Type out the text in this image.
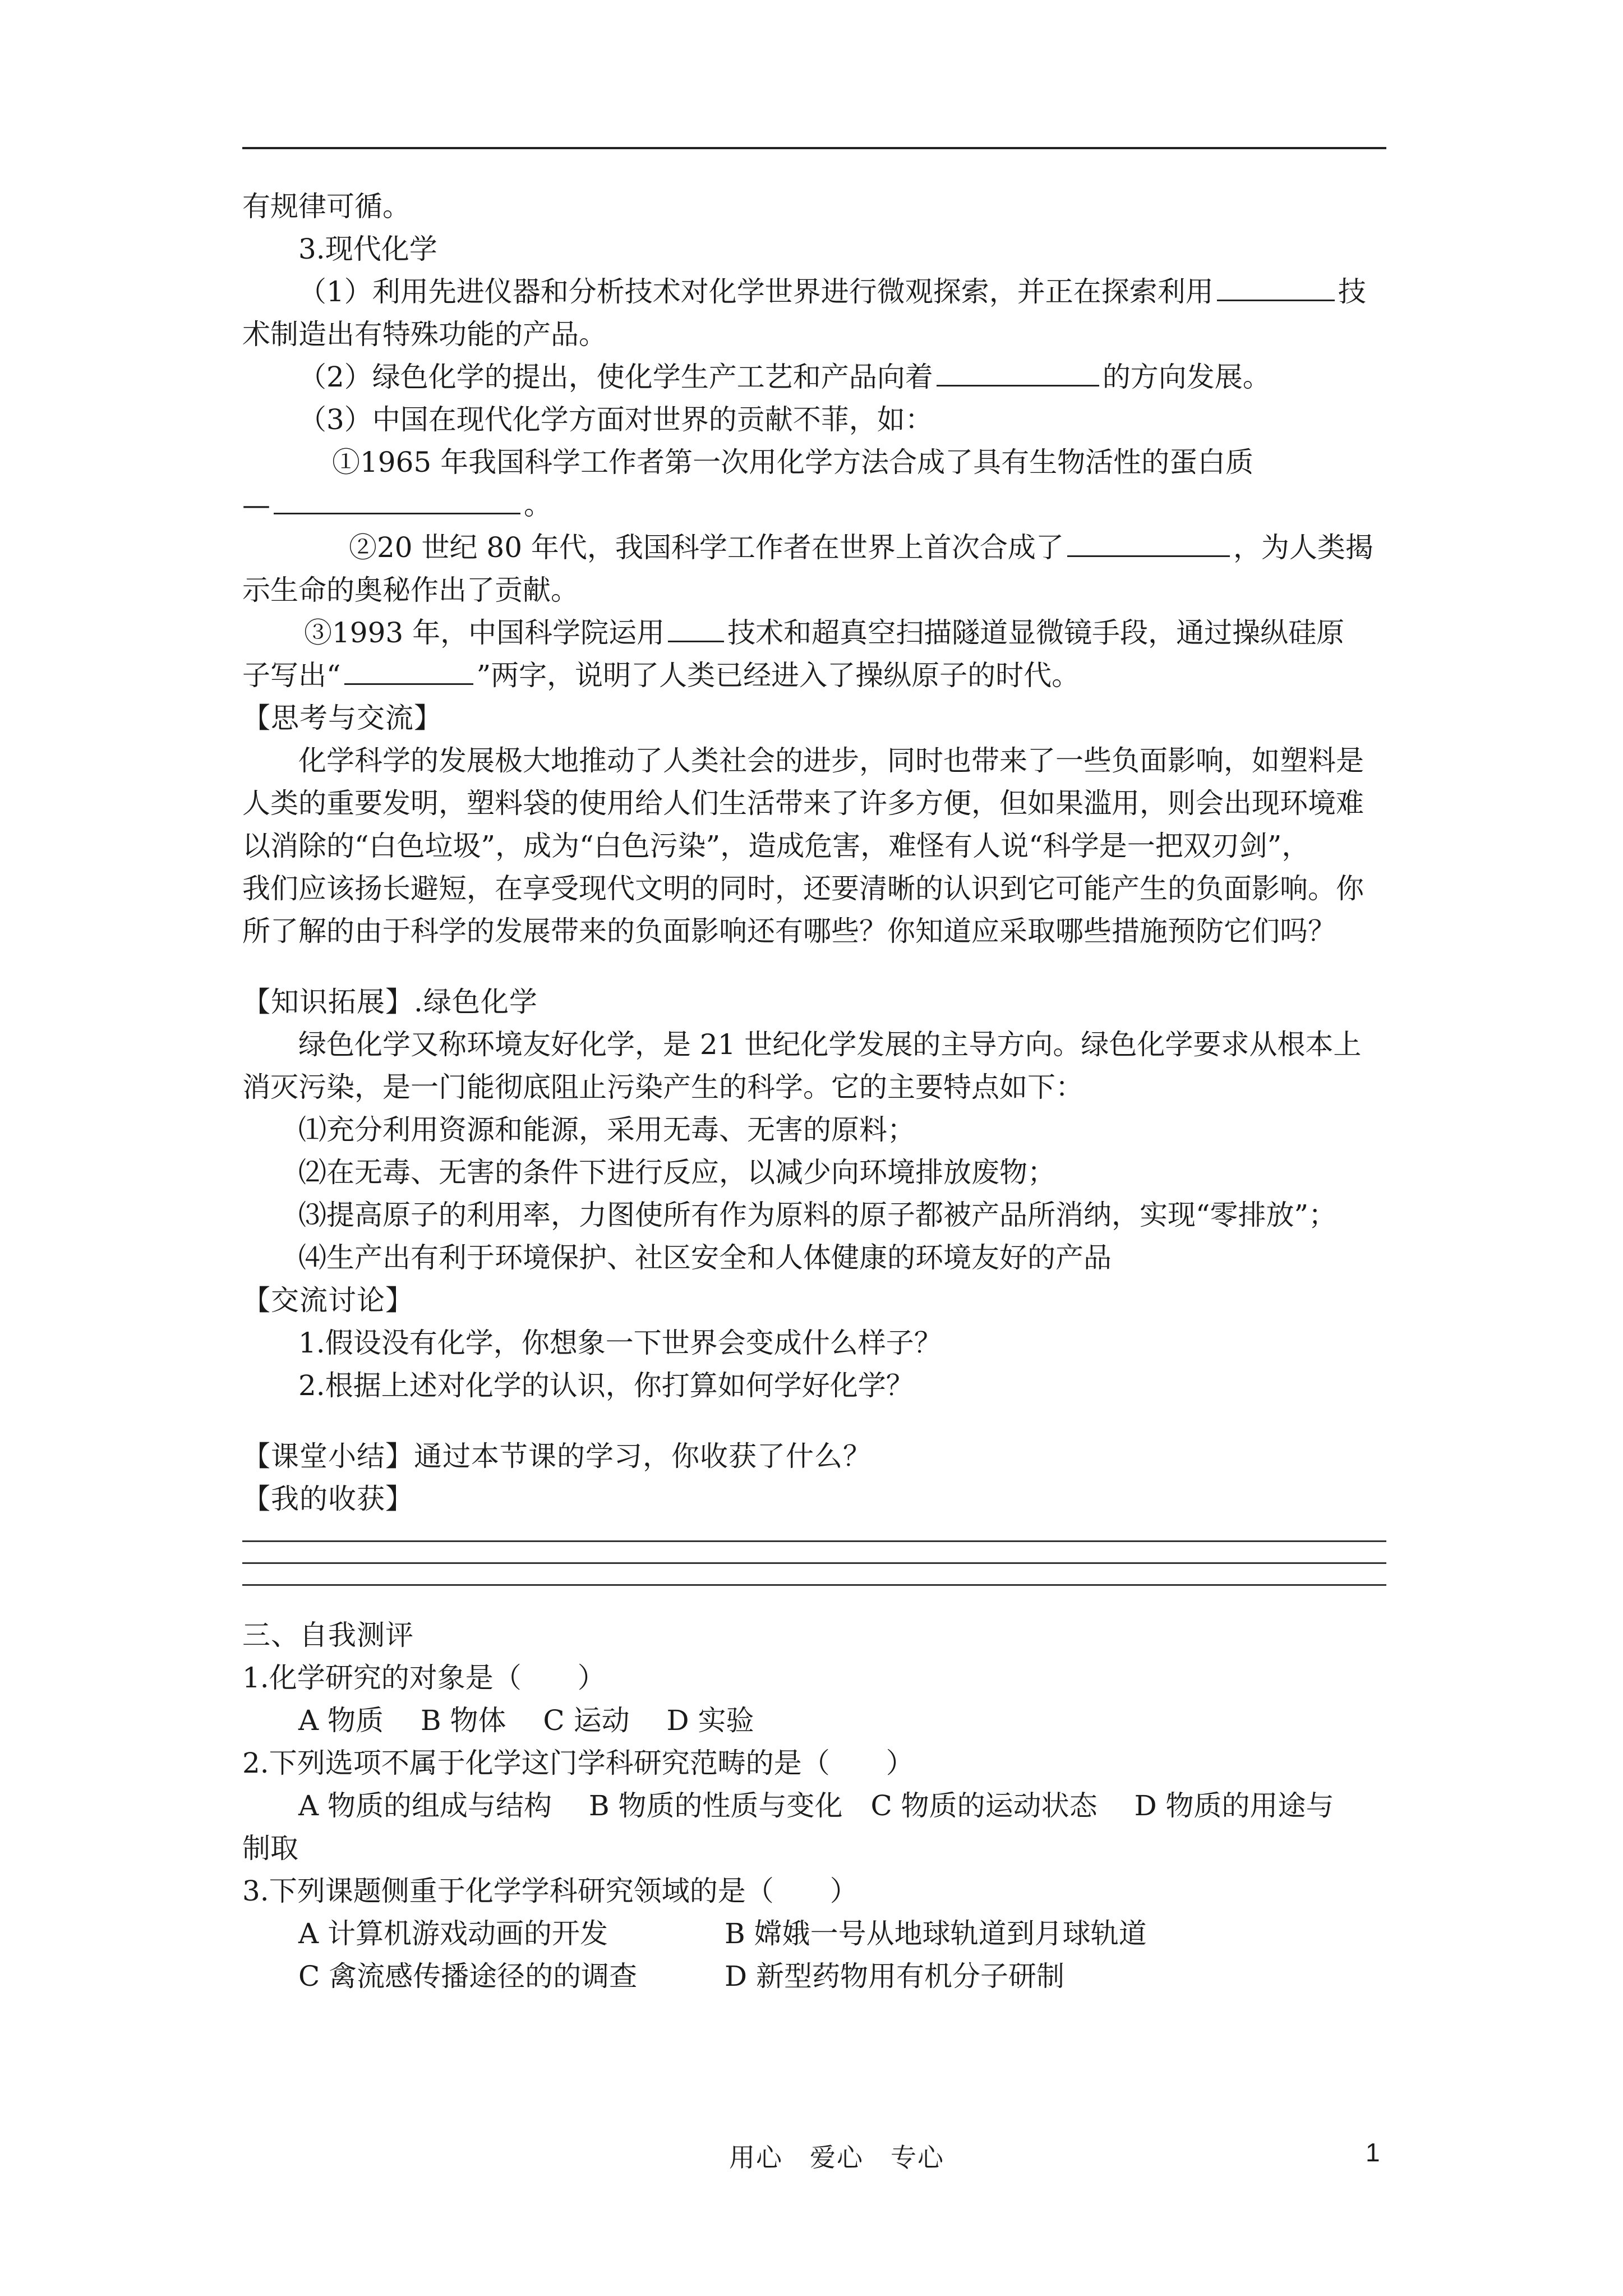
有规律可循。
3.现代化学
（1）利用先进仪器和分析技术对化学世界进行微观探索，并正在探索利用	技
术制造出有特殊功能的产品。
（2）绿色化学的提出，使化学生产工艺和产品向着	的方向发展。
（3）中国在现代化学方面对世界的贡献不菲，如：
①1965 年我国科学工作者第一次用化学方法合成了具有生物活性的蛋白质
—	。
②20 世纪 80 年代，我国科学工作者在世界上首次合成了	，为人类揭
示生命的奥秘作出了贡献。
③1993 年，中国科学院运用 技术和超真空扫描隧道显微镜手段，通过操纵硅原
子写出“	”两字，说明了人类已经进入了操纵原子的时代。
【思考与交流】
化学科学的发展极大地推动了人类社会的进步，同时也带来了一些负面影响，如塑料是
人类的重要发明，塑料袋的使用给人们生活带来了许多方便，但如果滥用，则会出现环境难
以消除的“白色垃圾”，成为“白色污染”，造成危害，难怪有人说“科学是一把双刃剑”，
我们应该扬长避短，在享受现代文明的同时，还要清晰的认识到它可能产生的负面影响。你
所了解的由于科学的发展带来的负面影响还有哪些？你知道应采取哪些措施预防它们吗？
【知识拓展】.绿色化学
绿色化学又称环境友好化学，是 21 世纪化学发展的主导方向。绿色化学要求从根本上
消灭污染，是一门能彻底阻止污染产生的科学。它的主要特点如下：
⑴充分利用资源和能源，采用无毒、无害的原料；
⑵在无毒、无害的条件下进行反应，以减少向环境排放废物；
⑶提高原子的利用率，力图使所有作为原料的原子都被产品所消纳，实现“零排放”；
⑷生产出有利于环境保护、社区安全和人体健康的环境友好的产品
【交流讨论】
1.假设没有化学，你想象一下世界会变成什么样子？
2.根据上述对化学的认识，你打算如何学好化学？
【课堂小结】通过本节课的学习，你收获了什么？
【我的收获】
三、自我测评
1.化学研究的对象是（　　）
A 物质　 B 物体　 C 运动　 D 实验
2.下列选项不属于化学这门学科研究范畴的是（　　）
A 物质的组成与结构　 B 物质的性质与变化　C 物质的运动状态　 D 物质的用途与
制取
3.下列课题侧重于化学学科研究领域的是（　　）
A 计算机游戏动画的开发	B 嫦娥一号从地球轨道到月球轨道
C 禽流感传播途径的的调查	D 新型药物用有机分子研制
用心　爱心　专心	1
